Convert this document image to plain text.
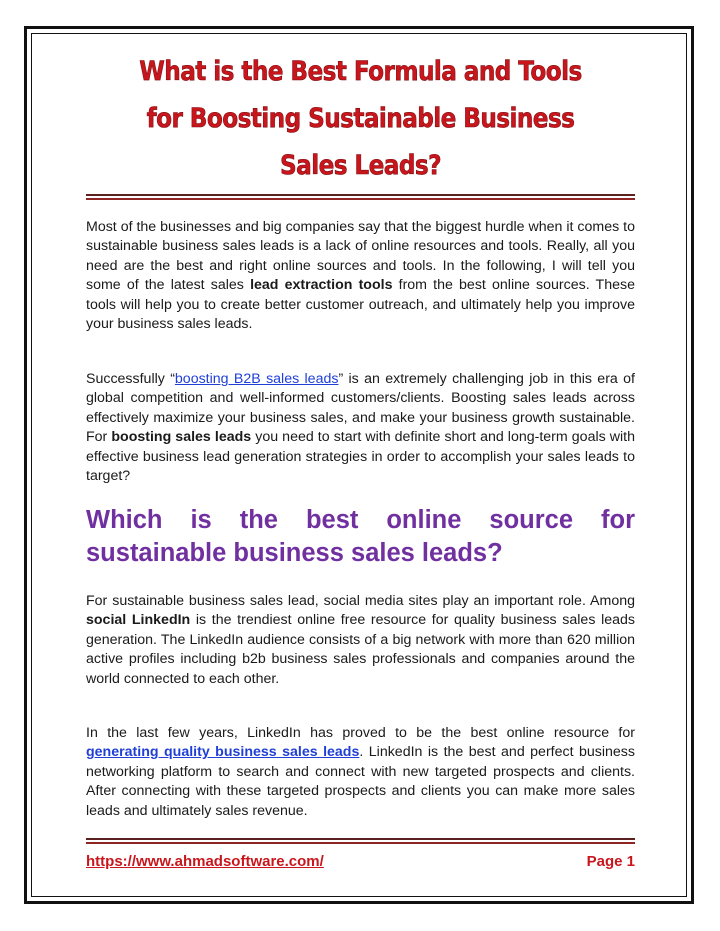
What is the Best Formula and Tools
for Boosting Sustainable Business
Sales Leads?

Most of the businesses and big companies say that the biggest hurdle when it comes to sustainable business sales leads is a lack of online resources and tools. Really, all you need are the best and right online sources and tools. In the following, I will tell you some of the latest sales lead extraction tools from the best online sources. These tools will help you to create better customer outreach, and ultimately help you improve your business sales leads.

Successfully “boosting B2B sales leads” is an extremely challenging job in this era of global competition and well-informed customers/clients. Boosting sales leads across effectively maximize your business sales, and make your business growth sustainable. For boosting sales leads you need to start with definite short and long-term goals with effective business lead generation strategies in order to accomplish your sales leads to target?

Which is the best online source for sustainable business sales leads?

For sustainable business sales lead, social media sites play an important role. Among social LinkedIn is the trendiest online free resource for quality business sales leads generation. The LinkedIn audience consists of a big network with more than 620 million active profiles including b2b business sales professionals and companies around the world connected to each other.

In the last few years, LinkedIn has proved to be the best online resource for generating quality business sales leads. LinkedIn is the best and perfect business networking platform to search and connect with new targeted prospects and clients. After connecting with these targeted prospects and clients you can make more sales leads and ultimately sales revenue.

https://www.ahmadsoftware.com/	Page 1
